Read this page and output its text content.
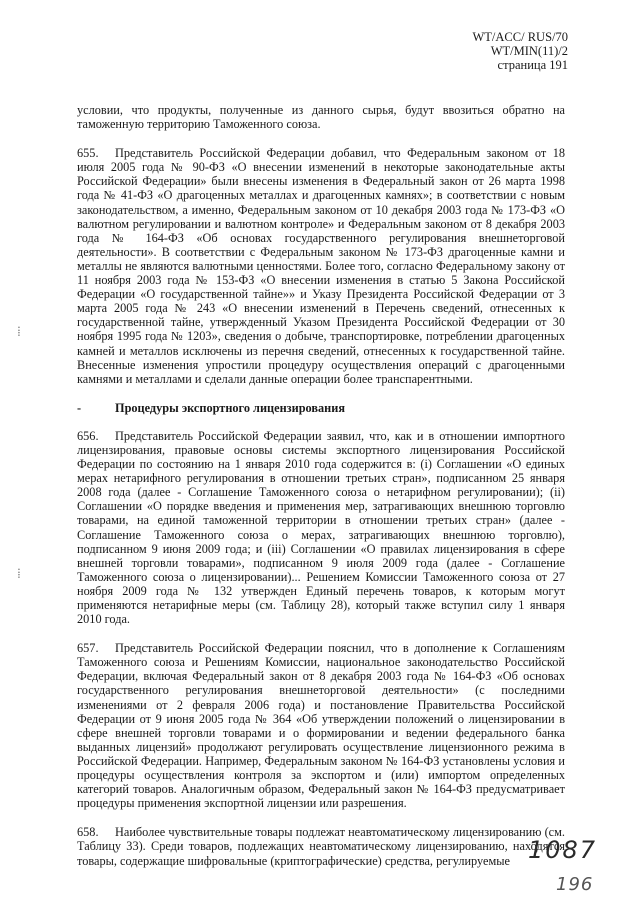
WT/ACC/ RUS/70
WT/MIN(11)/2
страница 191
⁞
⁞

условии, что продукты, полученные из данного сырья, будут ввозиться обратно на таможенную территорию Таможенного союза.

655. Представитель Российской Федерации добавил, что Федеральным законом от 18 июля 2005 года № 90-ФЗ «О внесении изменений в некоторые законодательные акты Российской Федерации» были внесены изменения в Федеральный закон от 26 марта 1998 года № 41-ФЗ «О драгоценных металлах и драгоценных камнях»; в соответствии с новым законодательством, а именно, Федеральным законом от 10 декабря 2003 года № 173-ФЗ «О валютном регулировании и валютном контроле» и Федеральным законом от 8 декабря 2003 года № 164-ФЗ «Об основах государственного регулирования внешнеторговой деятельности». В соответствии с Федеральным законом № 173-ФЗ драгоценные камни и металлы не являются валютными ценностями. Более того, согласно Федеральному закону от 11 ноября 2003 года № 153-ФЗ «О внесении изменения в статью 5 Закона Российской Федерации «О государственной тайне»» и Указу Президента Российской Федерации от 3 марта 2005 года № 243 «О внесении изменений в Перечень сведений, отнесенных к государственной тайне, утвержденный Указом Президента Российской Федерации от 30 ноября 1995 года № 1203», сведения о добыче, транспортировке, потреблении драгоценных камней и металлов исключены из перечня сведений, отнесенных к государственной тайне. Внесенные изменения упростили процедуру осуществления операций с драгоценными камнями и металлами и сделали данные операции более транспарентными.

-	Процедуры экспортного лицензирования

656. Представитель Российской Федерации заявил, что, как и в отношении импортного лицензирования, правовые основы системы экспортного лицензирования Российской Федерации по состоянию на 1 января 2010 года содержится в: (i) Соглашении «О единых мерах нетарифного регулирования в отношении третьих стран», подписанном 25 января 2008 года (далее - Соглашение Таможенного союза о нетарифном регулировании); (ii) Соглашении «О порядке введения и применения мер, затрагивающих внешнюю торговлю товарами, на единой таможенной территории в отношении третьих стран» (далее - Соглашение Таможенного союза о мерах, затрагивающих внешнюю торговлю), подписанном 9 июня 2009 года; и (iii) Соглашении «О правилах лицензирования в сфере внешней торговли товарами», подписанном 9 июля 2009 года (далее - Соглашение Таможенного союза о лицензировании)... Решением Комиссии Таможенного союза от 27 ноября 2009 года № 132 утвержден Единый перечень товаров, к которым могут применяются нетарифные меры (см. Таблицу 28), который также вступил силу 1 января 2010 года.

657. Представитель Российской Федерации пояснил, что в дополнение к Соглашениям Таможенного союза и Решениям Комиссии, национальное законодательство Российской Федерации, включая Федеральный закон от 8 декабря 2003 года № 164-ФЗ «Об основах государственного регулирования внешнеторговой деятельности» (с последними изменениями от 2 февраля 2006 года) и постановление Правительства Российской Федерации от 9 июня 2005 года № 364 «Об утверждении положений о лицензировании в сфере внешней торговли товарами и о формировании и ведении федерального банка выданных лицензий» продолжают регулировать осуществление лицензионного режима в Российской Федерации. Например, Федеральным законом № 164-ФЗ установлены условия и процедуры осуществления контроля за экспортом и (или) импортом определенных категорий товаров. Аналогичным образом, Федеральный закон № 164-ФЗ предусматривает процедуры применения экспортной лицензии или разрешения.

658. Наиболее чувствительные товары подлежат неавтоматическому лицензированию (см. Таблицу 33). Среди товаров, подлежащих неавтоматическому лицензированию, находятся товары, содержащие шифровальные (криптографические) средства, регулируемые 1087
196
